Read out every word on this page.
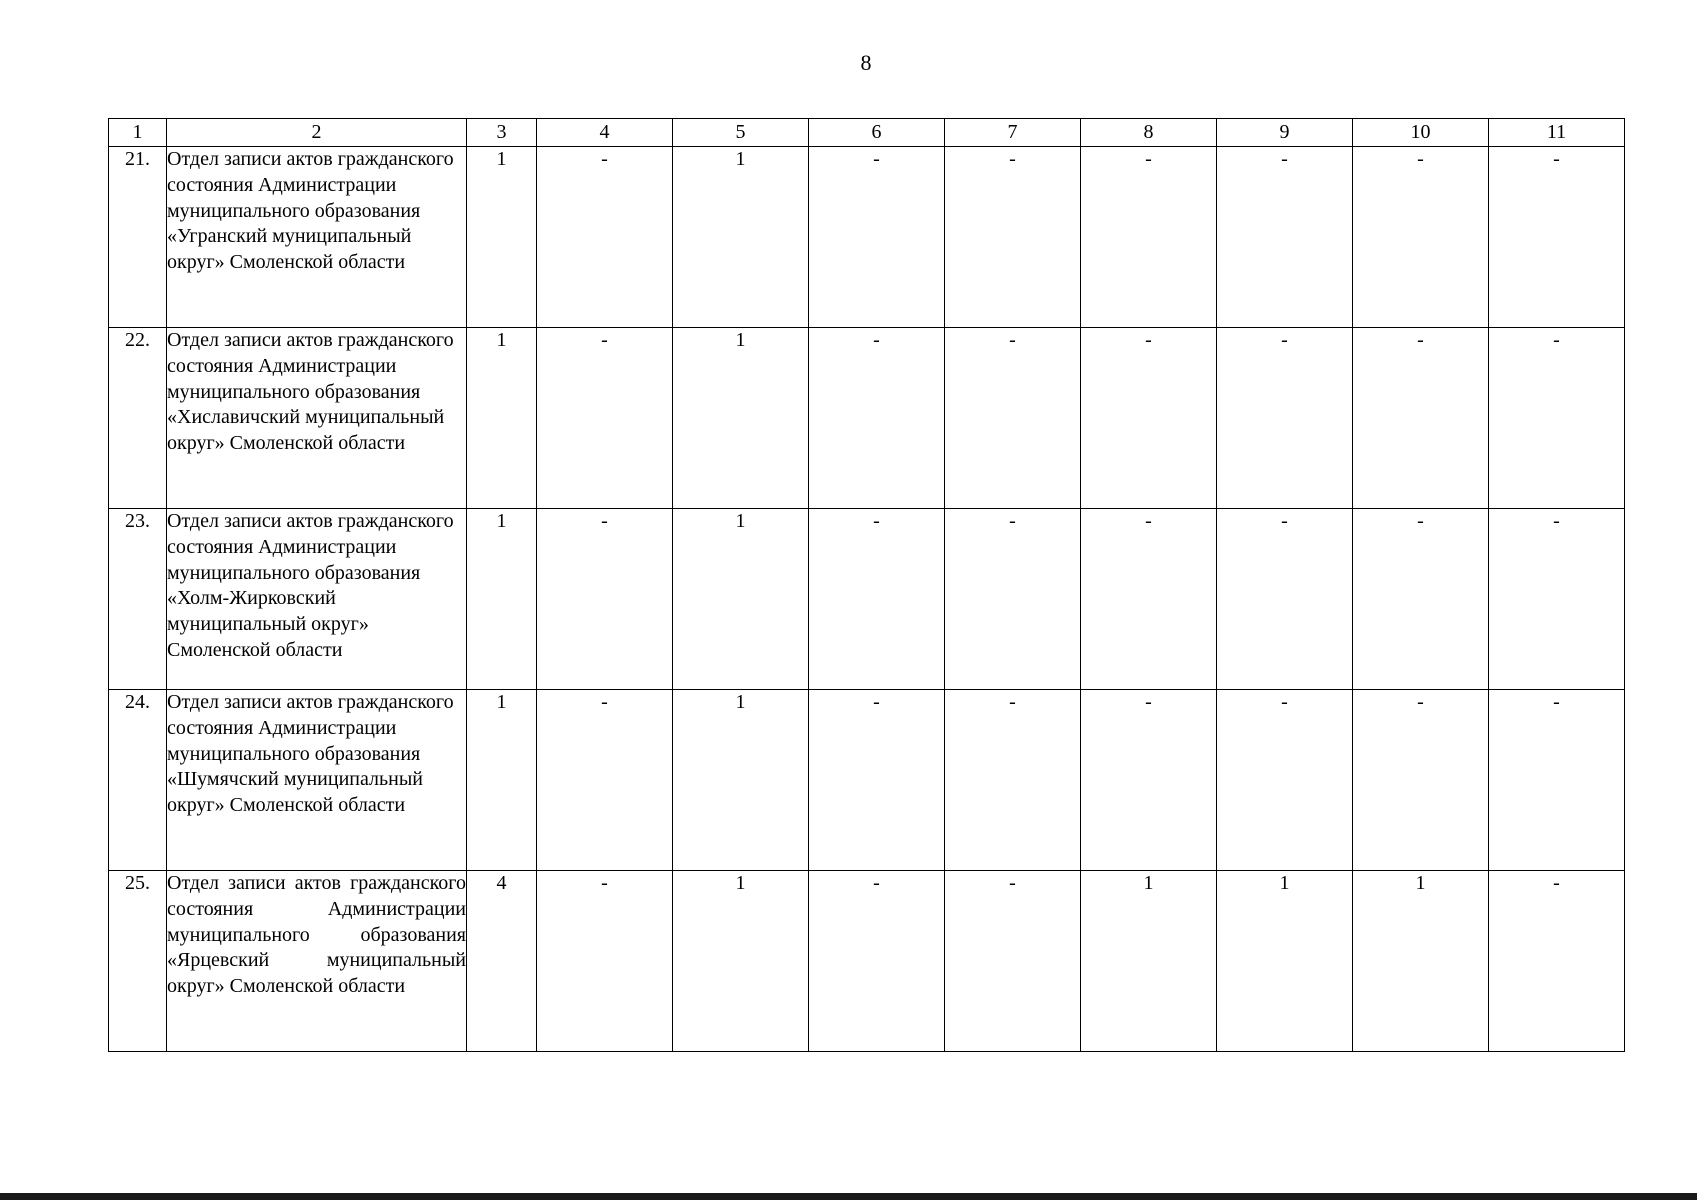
8
1	2	3	4	5	6	7	8	9	10	11
21.	Отдел записи актов гражданского состояния Администрации муниципального образования «Угранский муниципальный округ» Смоленской области	1	-	1	-	-	-	-	-	-
22.	Отдел записи актов гражданского состояния Администрации муниципального образования «Хиславичский муниципальный округ» Смоленской области	1	-	1	-	-	-	-	-	-
23.	Отдел записи актов гражданского состояния Администрации муниципального образования «Холм-Жирковский муниципальный округ» Смоленской области	1	-	1	-	-	-	-	-	-
24.	Отдел записи актов гражданского состояния Администрации муниципального образования «Шумячский муниципальный округ» Смоленской области	1	-	1	-	-	-	-	-	-
25.	Отдел записи актов гражданского состояния Администрации муниципального образования «Ярцевский муниципальный округ» Смоленской области	4	-	1	-	-	1	1	1	-
